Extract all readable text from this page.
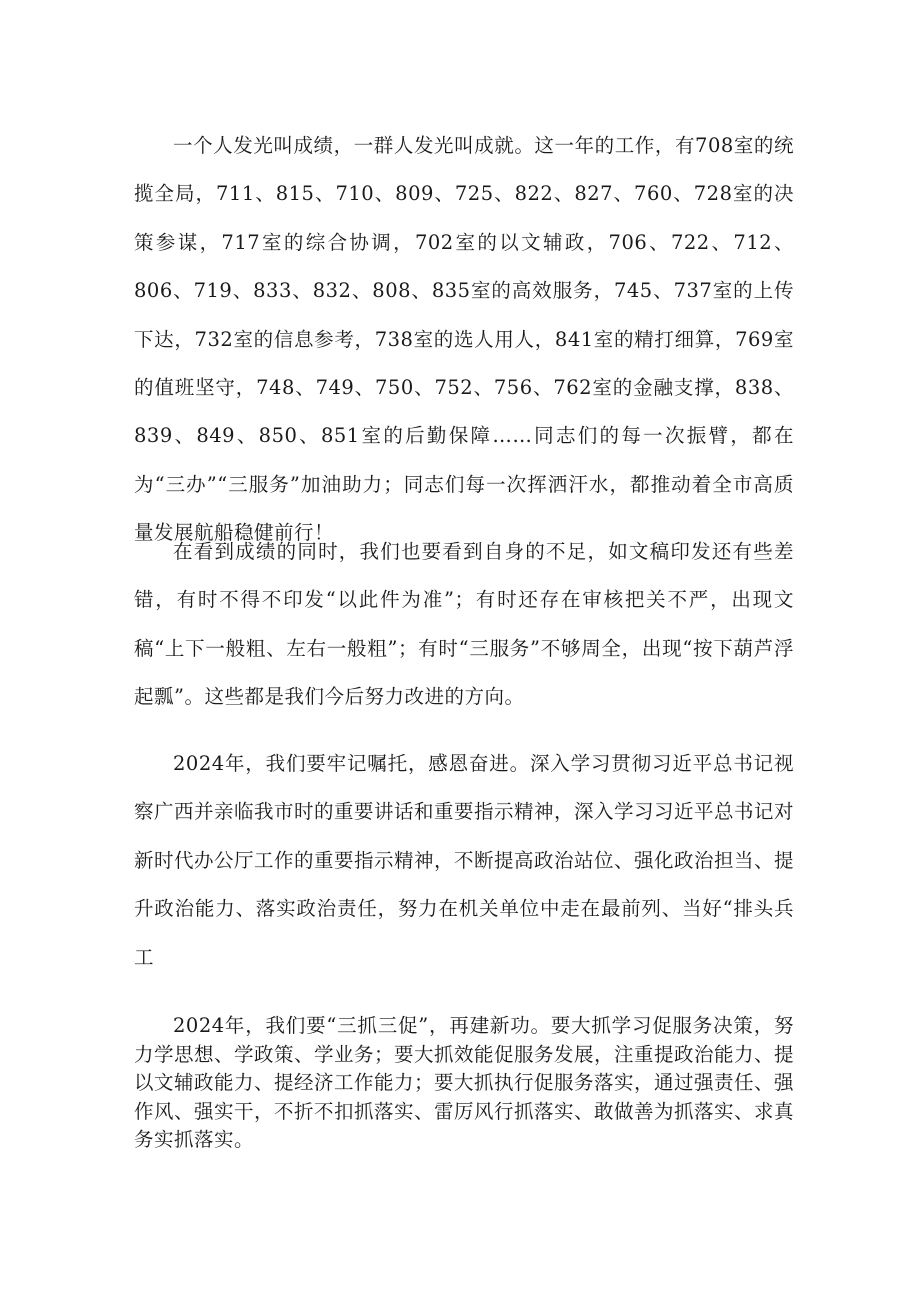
一个人发光叫成绩，一群人发光叫成就。这一年的工作，有708室的统揽全局，711、815、710、809、725、822、827、760、728室的决策参谋，717室的综合协调，702室的以文辅政，706、722、712、806、719、833、832、808、835室的高效服务，745、737室的上传下达，732室的信息参考，738室的选人用人，841室的精打细算，769室的值班坚守，748、749、750、752、756、762室的金融支撑，838、839、849、850、851室的后勤保障……同志们的每一次振臂，都在为“三办”“三服务”加油助力；同志们每一次挥洒汗水，都推动着全市高质量发展航船稳健前行！

在看到成绩的同时，我们也要看到自身的不足，如文稿印发还有些差错，有时不得不印发“以此件为准”；有时还存在审核把关不严，出现文稿“上下一般粗、左右一般粗”；有时“三服务”不够周全，出现“按下葫芦浮起瓢”。这些都是我们今后努力改进的方向。

2024年，我们要牢记嘱托，感恩奋进。深入学习贯彻习近平总书记视察广西并亲临我市时的重要讲话和重要指示精神，深入学习习近平总书记对新时代办公厅工作的重要指示精神，不断提高政治站位、强化政治担当、提升政治能力、落实政治责任，努力在机关单位中走在最前列、当好“排头兵工

2024年，我们要“三抓三促”，再建新功。要大抓学习促服务决策，努力学思想、学政策、学业务；要大抓效能促服务发展，注重提政治能力、提以文辅政能力、提经济工作能力；要大抓执行促服务落实，通过强责任、强作风、强实干，不折不扣抓落实、雷厉风行抓落实、敢做善为抓落实、求真务实抓落实。
